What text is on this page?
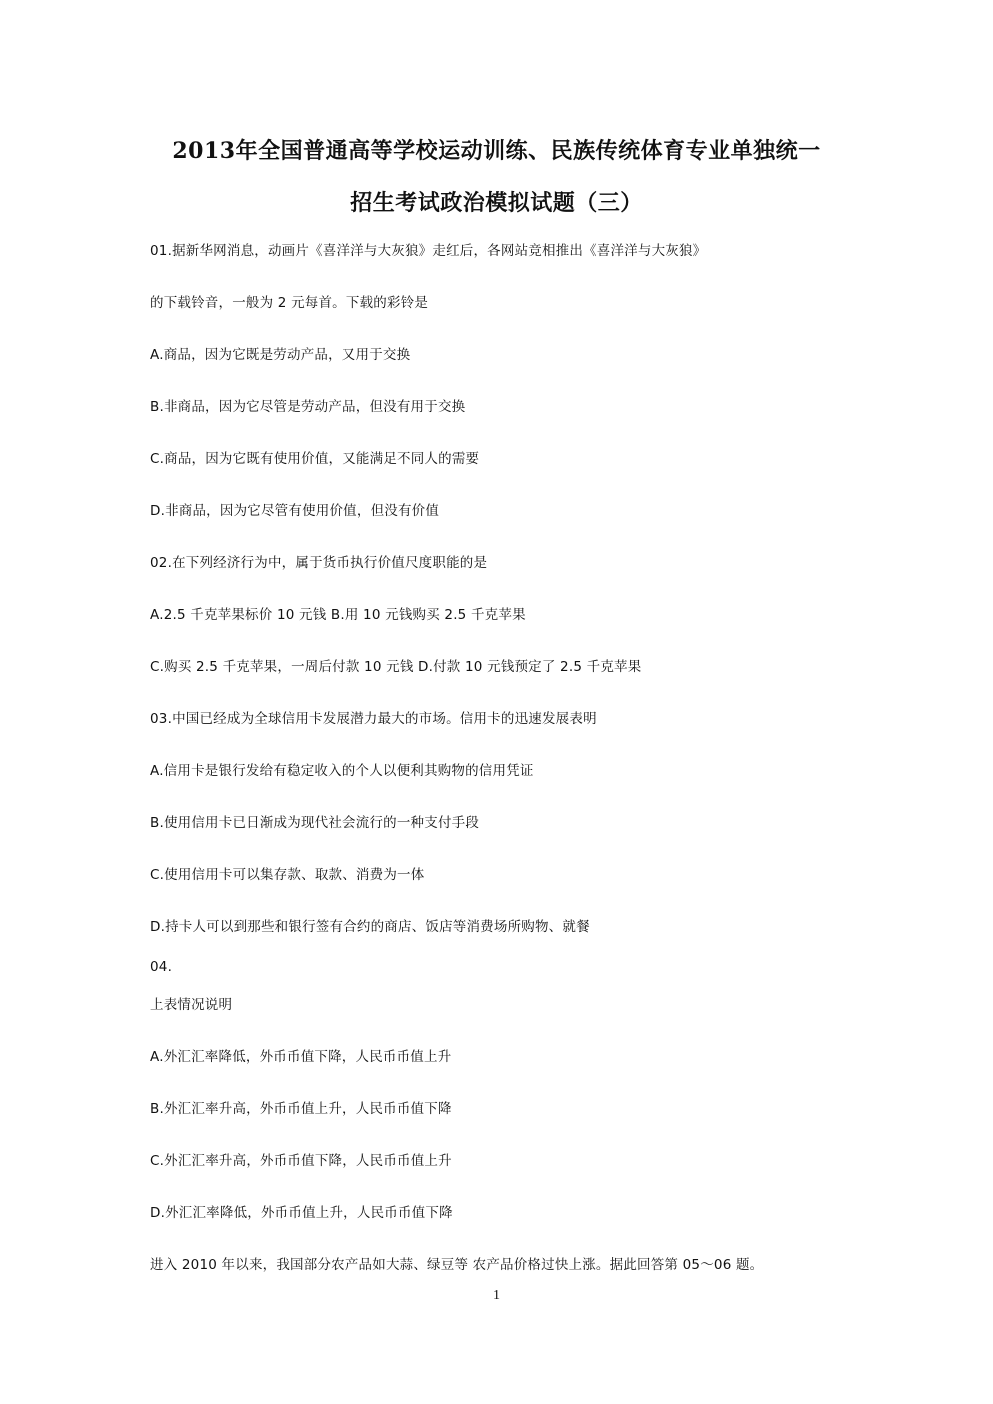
2013年全国普通高等学校运动训练、民族传统体育专业单独统一
招生考试政治模拟试题（三）
01.据新华网消息，动画片《喜洋洋与大灰狼》走红后，各网站竞相推出《喜洋洋与大灰狼》
的下载铃音，一般为 2 元每首。下载的彩铃是
A.商品，因为它既是劳动产品，又用于交换
B.非商品，因为它尽管是劳动产品，但没有用于交换
C.商品，因为它既有使用价值，又能满足不同人的需要
D.非商品，因为它尽管有使用价值，但没有价值
02.在下列经济行为中，属于货币执行价值尺度职能的是
A.2.5 千克苹果标价 10 元钱 B.用 10 元钱购买 2.5 千克苹果
C.购买 2.5 千克苹果，一周后付款 10 元钱 D.付款 10 元钱预定了 2.5 千克苹果
03.中国已经成为全球信用卡发展潜力最大的市场。信用卡的迅速发展表明
A.信用卡是银行发给有稳定收入的个人以便利其购物的信用凭证
B.使用信用卡已日渐成为现代社会流行的一种支付手段
C.使用信用卡可以集存款、取款、消费为一体
D.持卡人可以到那些和银行签有合约的商店、饭店等消费场所购物、就餐
04.
上表情况说明
A.外汇汇率降低，外币币值下降，人民币币值上升
B.外汇汇率升高，外币币值上升，人民币币值下降
C.外汇汇率升高，外币币值下降，人民币币值上升
D.外汇汇率降低，外币币值上升，人民币币值下降
进入 2010 年以来，我国部分农产品如大蒜、绿豆等 农产品价格过快上涨。据此回答第 05～06 题。
1
